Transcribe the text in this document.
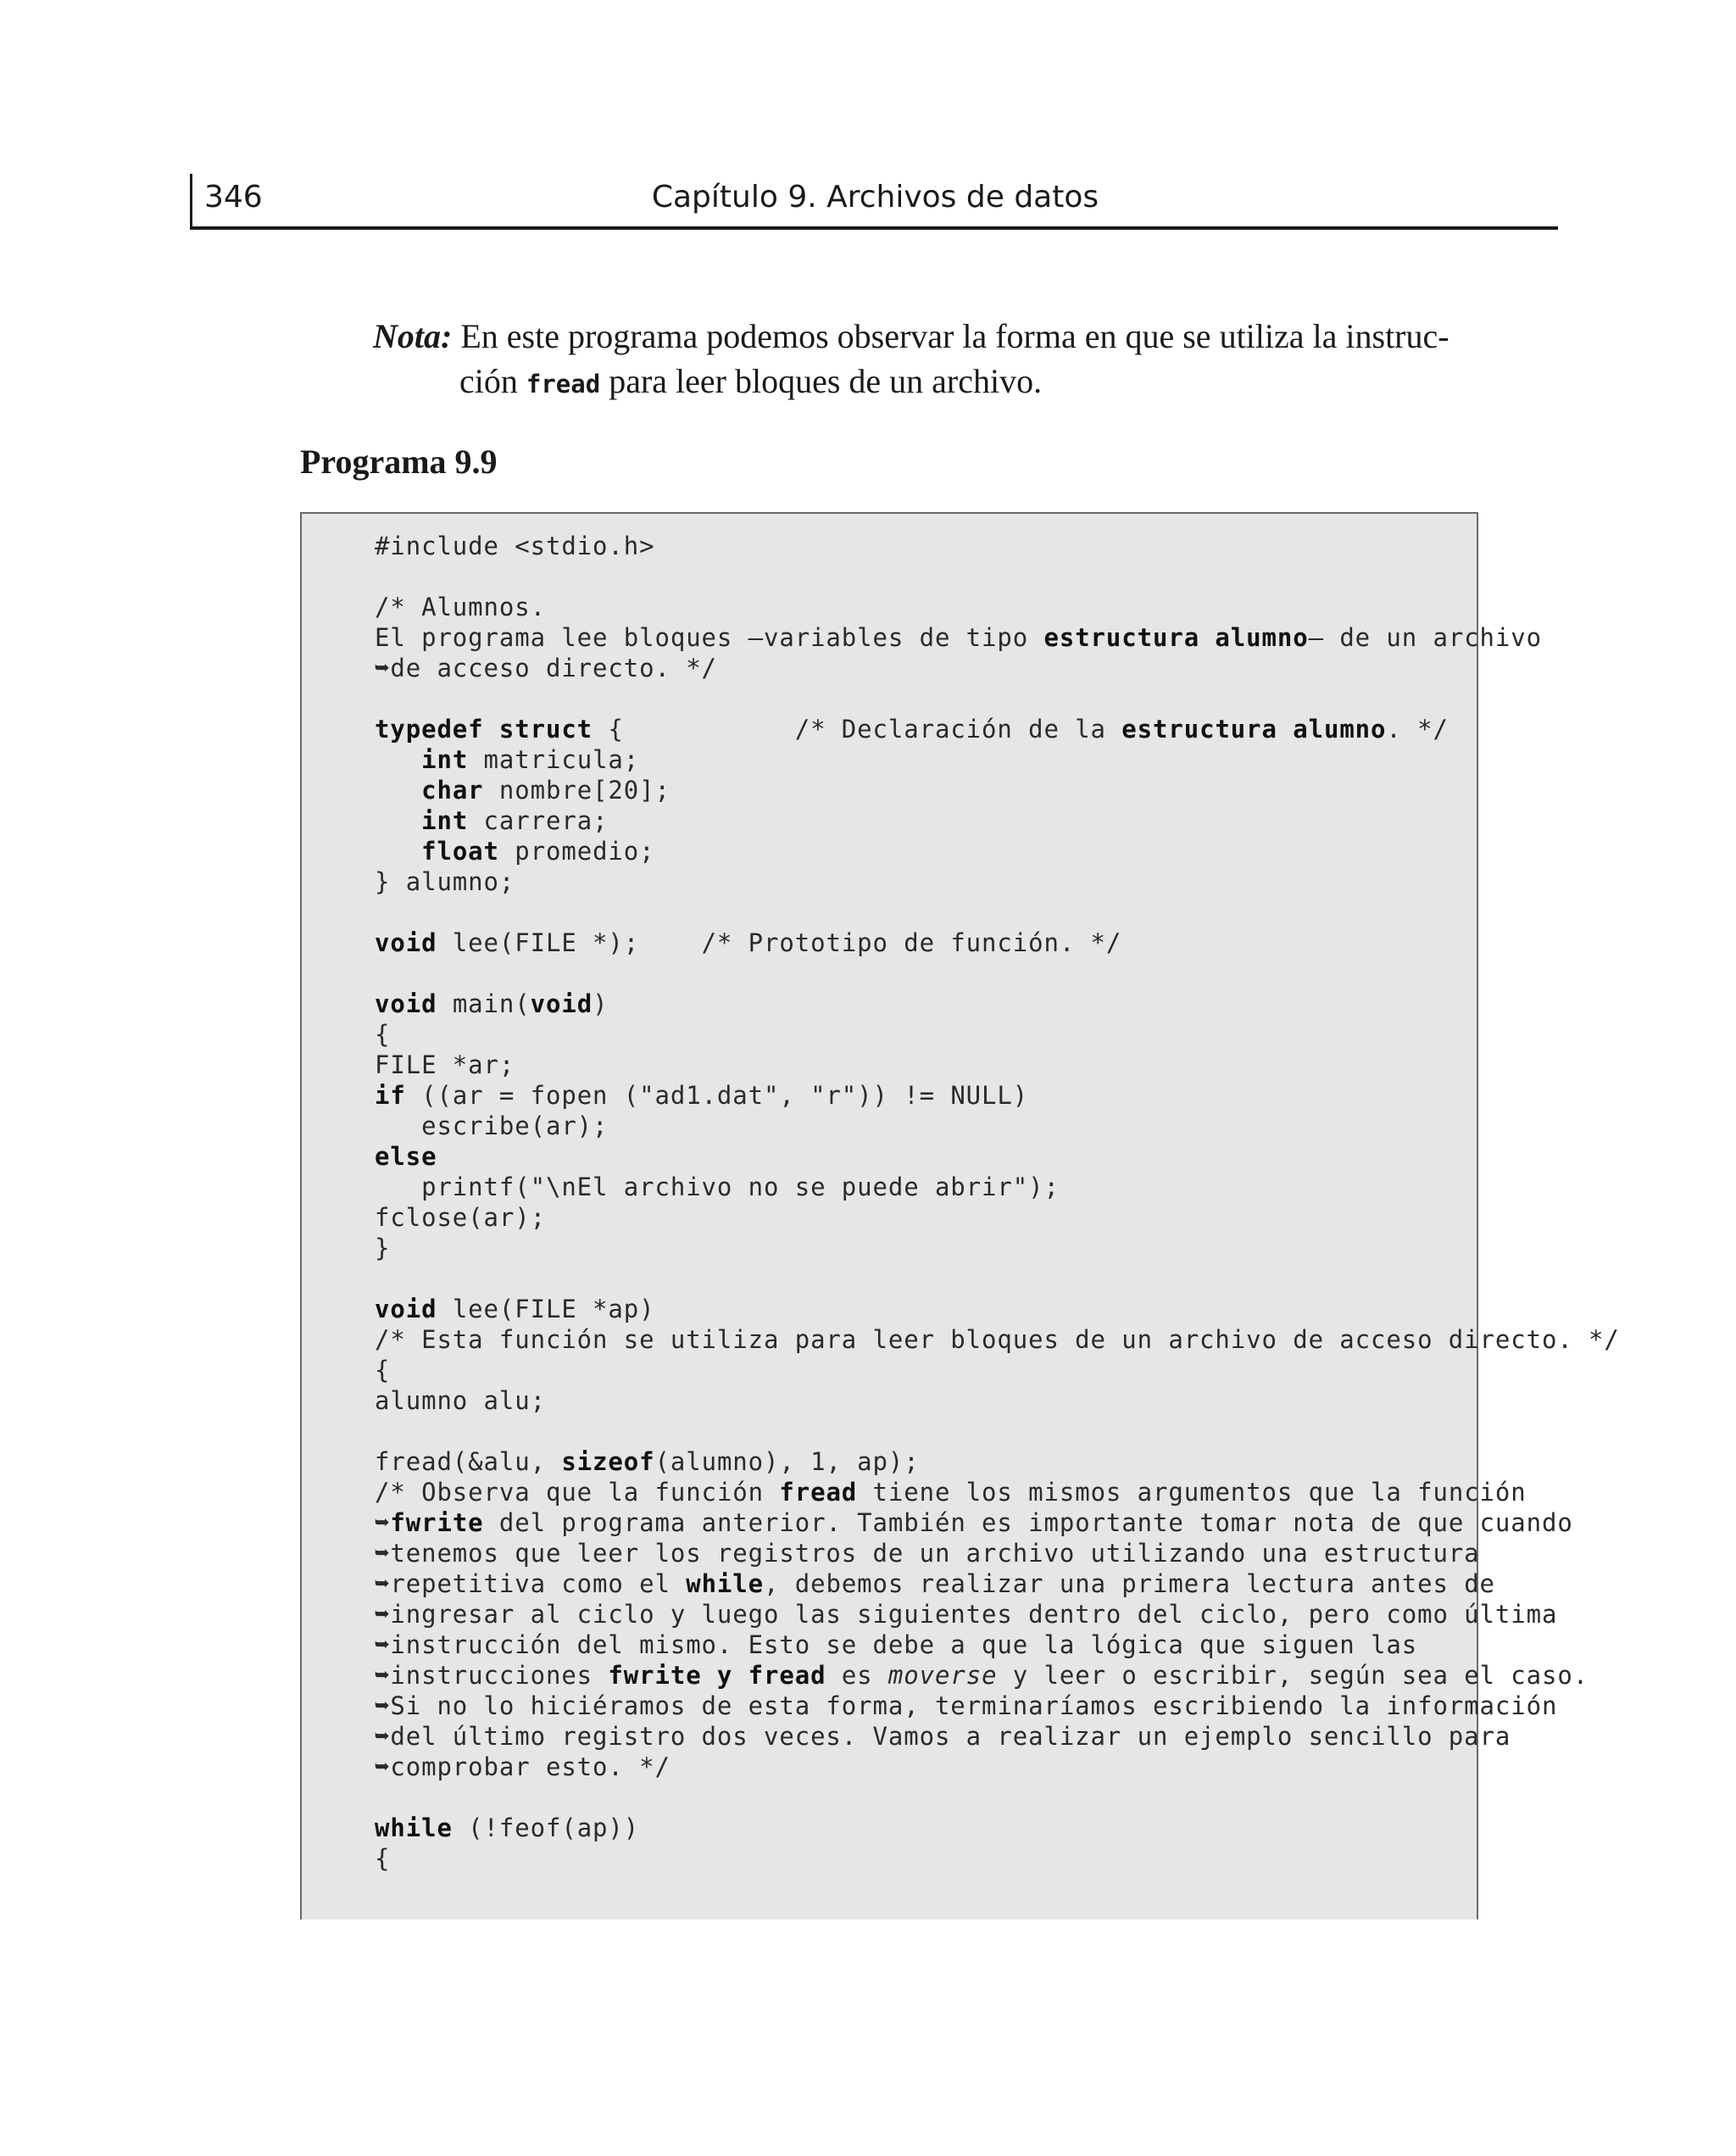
346	Capítulo 9. Archivos de datos
Nota: En este programa podemos observar la forma en que se utiliza la instruc-
ción fread para leer bloques de un archivo.
Programa 9.9
#include <stdio.h>

/* Alumnos.
El programa lee bloques —variables de tipo estructura alumno— de un archivo
➥de acceso directo. */

typedef struct {           /* Declaración de la estructura alumno. */
int matricula;
char nombre[20];
int carrera;
float promedio;
} alumno;

void lee(FILE *);    /* Prototipo de función. */

void main(void)
{
FILE *ar;
if ((ar = fopen ("ad1.dat", "r")) != NULL)
escribe(ar);
else
printf("\nEl archivo no se puede abrir");
fclose(ar);
}

void lee(FILE *ap)
/* Esta función se utiliza para leer bloques de un archivo de acceso directo. */
{
alumno alu;

fread(&alu, sizeof(alumno), 1, ap);
/* Observa que la función fread tiene los mismos argumentos que la función
➥fwrite del programa anterior. También es importante tomar nota de que cuando
➥tenemos que leer los registros de un archivo utilizando una estructura
➥repetitiva como el while, debemos realizar una primera lectura antes de
➥ingresar al ciclo y luego las siguientes dentro del ciclo, pero como última
➥instrucción del mismo. Esto se debe a que la lógica que siguen las
➥instrucciones fwrite y fread es moverse y leer o escribir, según sea el caso.
➥Si no lo hiciéramos de esta forma, terminaríamos escribiendo la información
➥del último registro dos veces. Vamos a realizar un ejemplo sencillo para
➥comprobar esto. */

while (!feof(ap))
{
